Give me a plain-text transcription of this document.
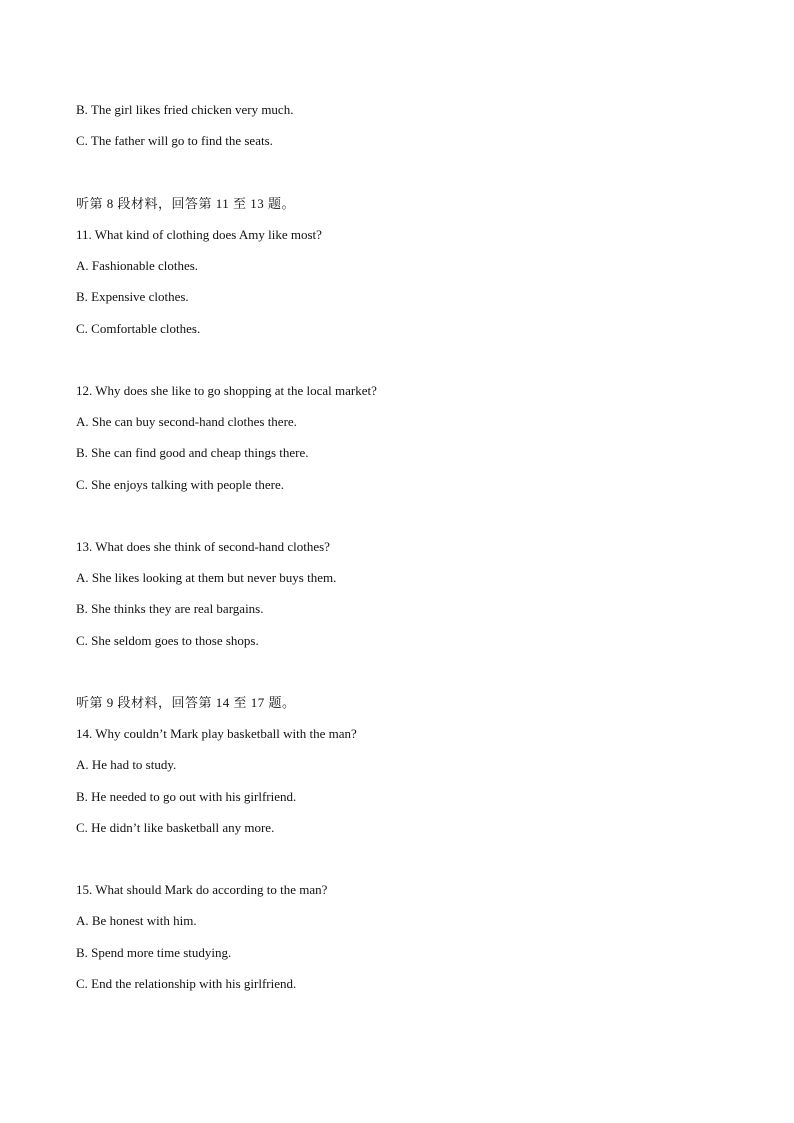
B. The girl likes fried chicken very much.
C. The father will go to find the seats.
听第 8 段材料，回答第 11 至 13 题。
11. What kind of clothing does Amy like most?
A. Fashionable clothes.
B. Expensive clothes.
C. Comfortable clothes.
12. Why does she like to go shopping at the local market?
A. She can buy second-hand clothes there.
B. She can find good and cheap things there.
C. She enjoys talking with people there.
13. What does she think of second-hand clothes?
A. She likes looking at them but never buys them.
B. She thinks they are real bargains.
C. She seldom goes to those shops.
听第 9 段材料，回答第 14 至 17 题。
14. Why couldn’t Mark play basketball with the man?
A. He had to study.
B. He needed to go out with his girlfriend.
C. He didn’t like basketball any more.
15. What should Mark do according to the man?
A. Be honest with him.
B. Spend more time studying.
C. End the relationship with his girlfriend.
